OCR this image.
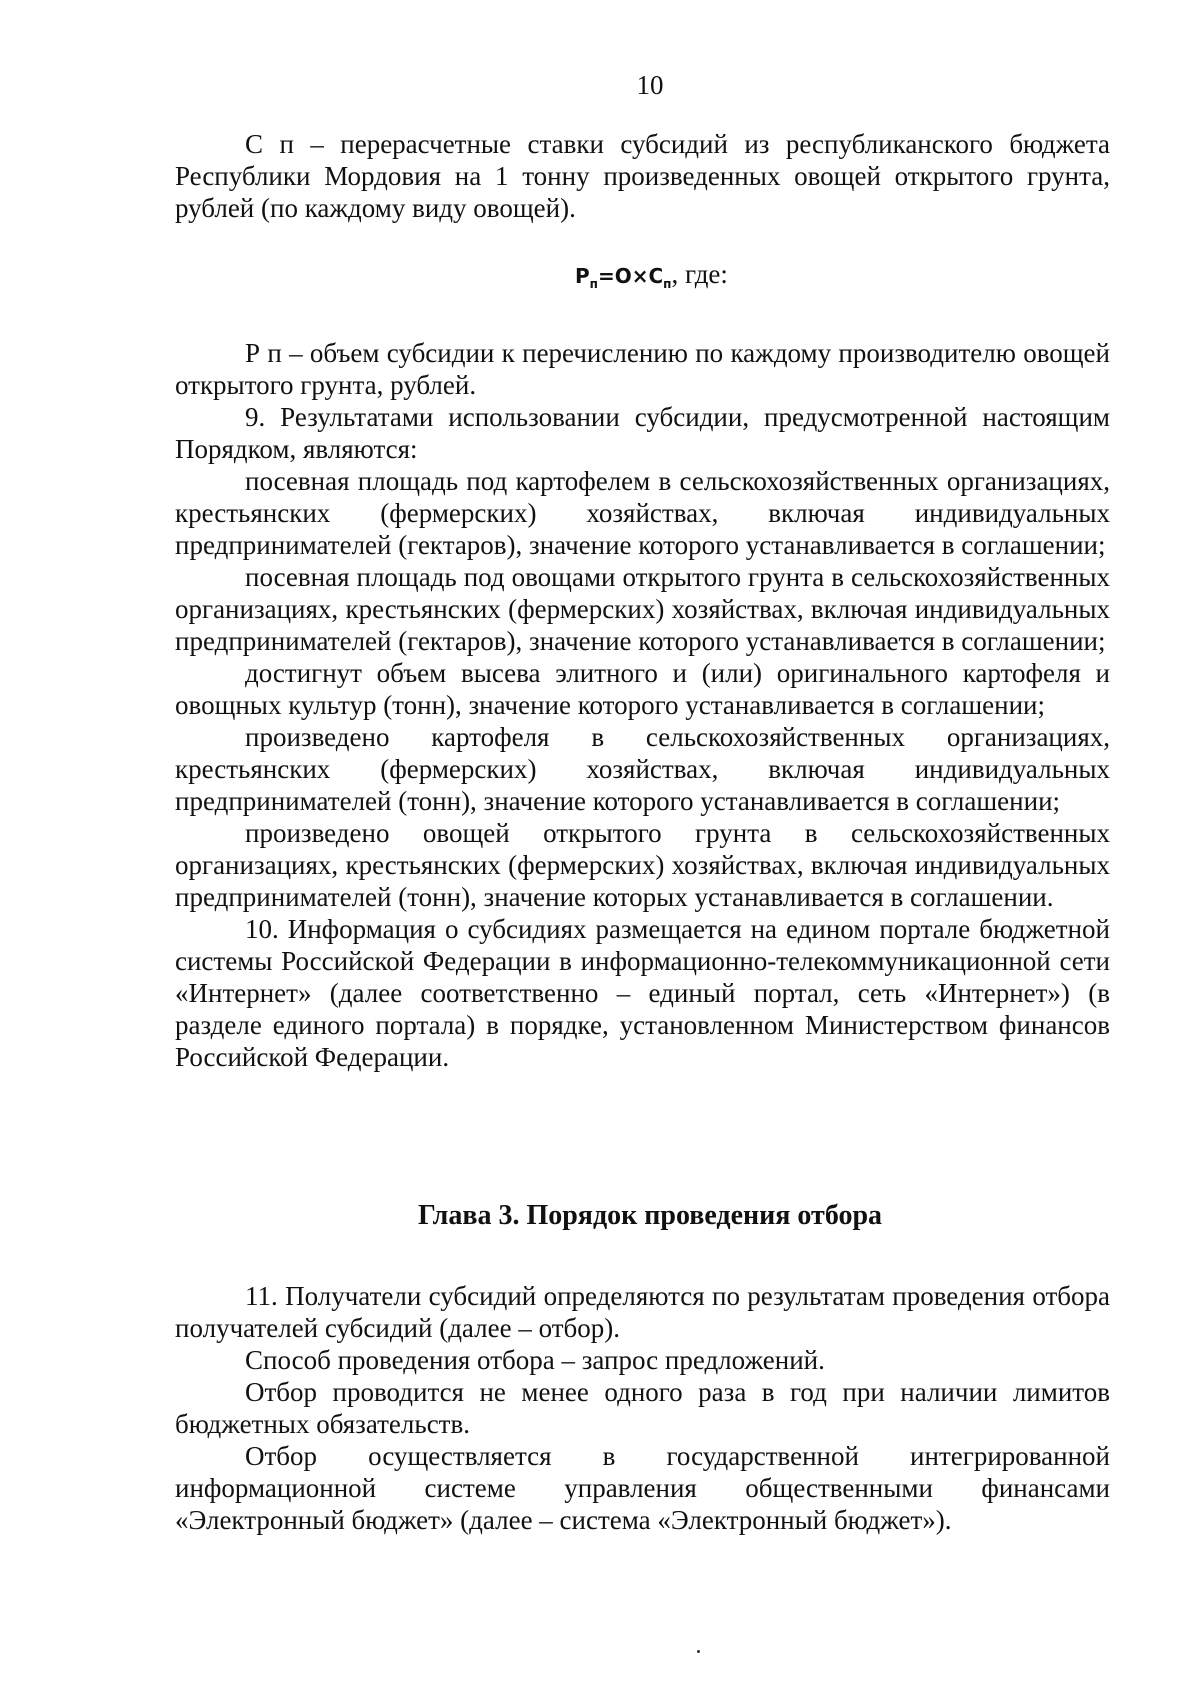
10

С п – перерасчетные ставки субсидий из республиканского бюджета Республики Мордовия на 1 тонну произведенных овощей открытого грунта, рублей (по каждому виду овощей).

$Р_п=О\times С_п$, где:

Р п – объем субсидии к перечислению по каждому производителю овощей открытого грунта, рублей.

9. Результатами использовании субсидии, предусмотренной настоящим Порядком, являются:

посевная площадь под картофелем в сельскохозяйственных организациях, крестьянских (фермерских) хозяйствах, включая индивидуальных предпринимателей (гектаров), значение которого устанавливается в соглашении;

посевная площадь под овощами открытого грунта в сельскохозяйственных организациях, крестьянских (фермерских) хозяйствах, включая индивидуальных предпринимателей (гектаров), значение которого устанавливается в соглашении;

достигнут объем высева элитного и (или) оригинального картофеля и овощных культур (тонн), значение которого устанавливается в соглашении;

произведено картофеля в сельскохозяйственных организациях, крестьянских (фермерских) хозяйствах, включая индивидуальных предпринимателей (тонн), значение которого устанавливается в соглашении;

произведено овощей открытого грунта в сельскохозяйственных организациях, крестьянских (фермерских) хозяйствах, включая индивидуальных предпринимателей (тонн), значение которых устанавливается в соглашении.

10. Информация о субсидиях размещается на едином портале бюджетной системы Российской Федерации в информационно-телекоммуникационной сети «Интернет» (далее соответственно – единый портал, сеть «Интернет») (в разделе единого портала) в порядке, установленном Министерством финансов Российской Федерации.

Глава 3. Порядок проведения отбора

11. Получатели субсидий определяются по результатам проведения отбора получателей субсидий (далее – отбор).

Способ проведения отбора – запрос предложений.

Отбор проводится не менее одного раза в год при наличии лимитов бюджетных обязательств.

Отбор осуществляется в государственной интегрированной информационной системе управления общественными финансами «Электронный бюджет» (далее – система «Электронный бюджет»).
